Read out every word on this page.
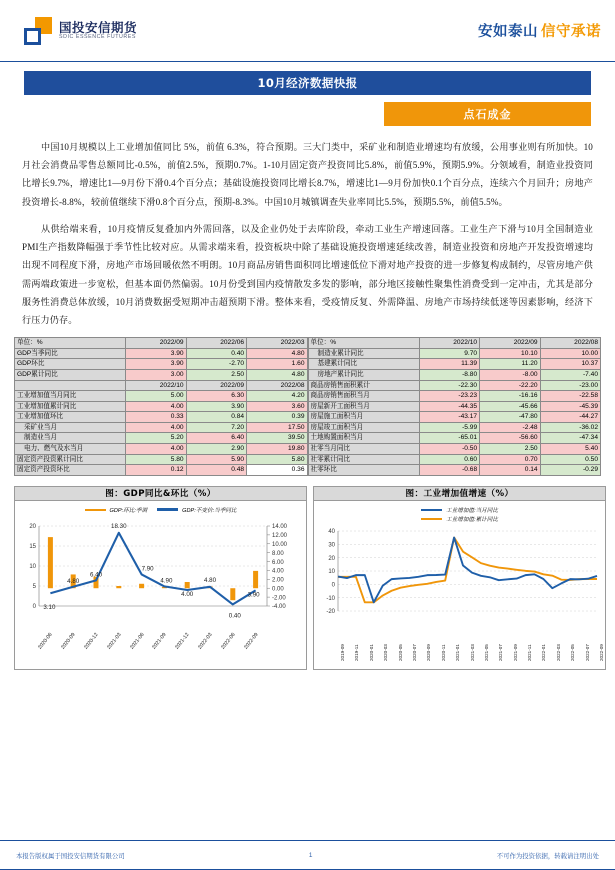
国投安信期货
SDIC ESSENCE FUTURES	安如泰山 信守承诺
10月经济数据快报
点石成金

中国10月规模以上工业增加值同比 5%，前值 6.3%，符合预期。三大门类中，采矿业和制造业增速均有放缓，公用事业则有所加快。10月社会消费品零售总额同比-0.5%，前值2.5%，预期0.7%。1-10月固定资产投资同比5.8%，前值5.9%，预期5.9%。分领域看，制造业投资同比增长9.7%，增速比1—9月份下滑0.4个百分点；基础设施投资同比增长8.7%，增速比1—9月份加快0.1个百分点，连续六个月回升；房地产投资增长-8.8%，较前值继续下滑0.8个百分点，预期-8.3%。中国10月城镇调查失业率同比5.5%，预期5.5%，前值5.5%。

从供给端来看，10月疫情反复叠加内外需回落，以及企业仍处于去库阶段，牵动工业生产增速回落。工业生产下滑与10月全国制造业PMI生产指数降幅强于季节性比较对应。从需求端来看，投资板块中除了基础设施投资增速延续改善，制造业投资和房地产开发投资增速均出现不同程度下滑，房地产市场回暖依然不明朗。10月商品房销售面积同比增速低位下滑对地产投资的进一步修复构成制约，尽管房地产供需两端政策进一步宽松，但基本面仍然偏弱。10月份受到国内疫情散发多发的影响，部分地区接触性聚集性消费受到一定冲击，尤其是部分服务性消费总体放缓，10月消费数据受短期冲击超预期下滑。整体来看，受疫情反复、外需降温、房地产市场持续低迷等因素影响，经济下行压力仍存。

单位：%	2022/09	2022/06	2022/03
GDP当季同比	3.90	0.40	4.80
GDP环比	3.90	-2.70	1.60
GDP累计同比	3.00	2.50	4.80
	2022/10	2022/09	2022/08
工业增加值当月同比	5.00	6.30	4.20
工业增加值累计同比	4.00	3.90	3.60
工业增加值环比	0.33	0.84	0.39
采矿业当月	4.00	7.20	17.50
制造业当月	5.20	6.40	39.50
电力、燃气及水当月	4.00	2.90	19.80
固定资产投资累计同比	5.80	5.90	5.80
固定资产投资环比	0.12	0.48	0.36
单位：%	2022/10	2022/09	2022/08
制造业累计同比	9.70	10.10	10.00
基建累计同比	11.39	11.20	10.37
房地产累计同比	-8.80	-8.00	-7.40
商品房销售面积累计	-22.30	-22.20	-23.00
商品房销售面积当月	-23.23	-16.16	-22.58
房屋新开工面积当月	-44.35	-45.66	-45.39
房屋施工面积当月	-43.17	-47.80	-44.27
房屋竣工面积当月	-5.99	-2.48	-36.02
土地购置面积当月	-65.01	-56.60	-47.34
社零当月同比	-0.50	2.50	5.40
社零累计同比	0.60	0.70	0.50
社零环比	-0.68	0.14	-0.29
图：GDP同比&环比（%）
GDP:环比:季调	GDP:不变价:当季同比
0
5
10
15
20
-4.00
-2.00
0.00
2.00
4.00
6.00
8.00
10.00
12.00
14.00
3.10
4.80
6.40
18.30
7.90
4.90
4.00
4.80
0.40
3.90
2020-06 2020-09 2020-12 2021-03 2021-06 2021-09 2021-12 2022-03 2022-06 2022-09
图：工业增加值增速（%）
工业增加值:当月同比
工业增加值:累计同比
-20
-10
0
10
20
30
40
2019-09 2019-11 2020-01 2020-03 2020-05 2020-07 2020-09 2020-11 2021-01 2021-03 2021-05 2021-07 2021-09 2021-11 2022-01 2022-03 2022-05 2022-07 2022-09
本报告版权属于国投安信期货有限公司	1	不可作为投资依据，转载请注明出处
